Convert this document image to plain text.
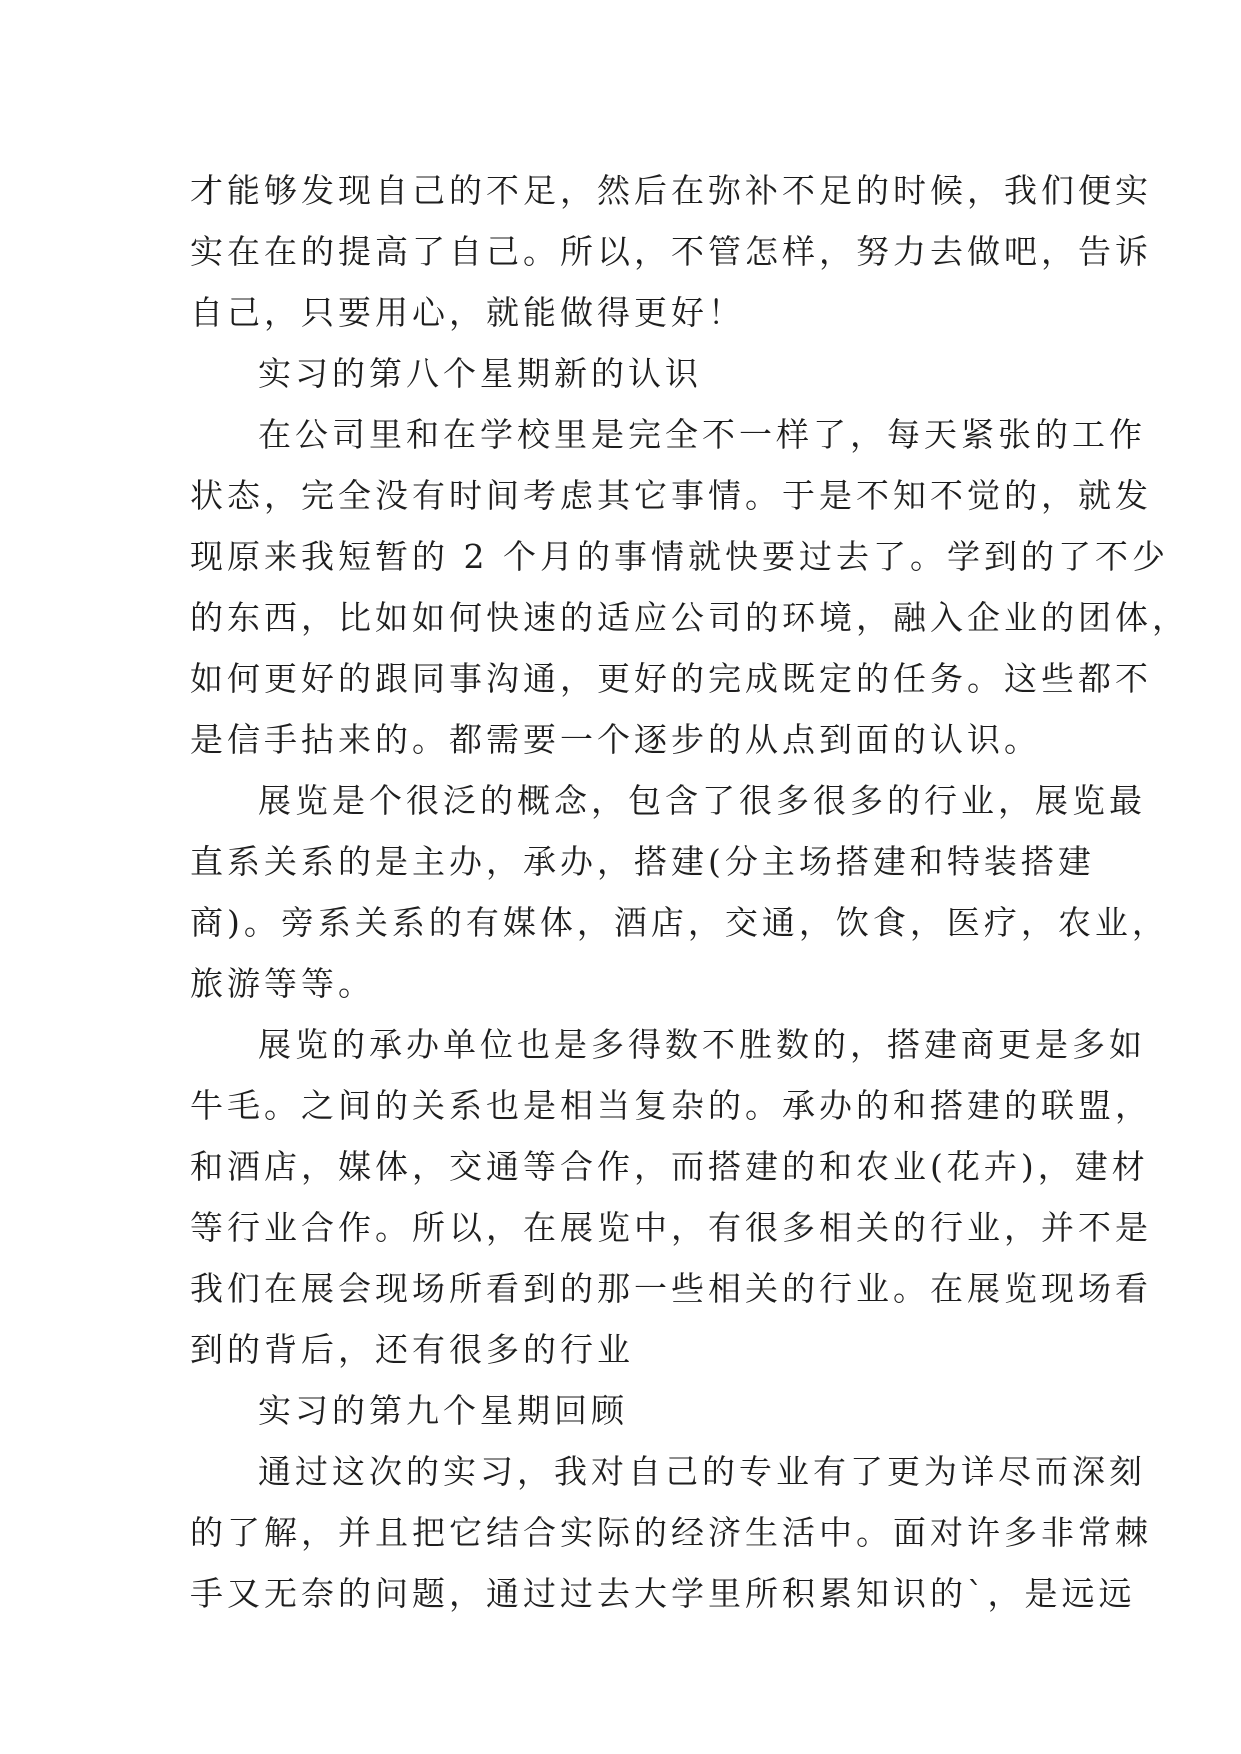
才能够发现自己的不足，然后在弥补不足的时候，我们便实
实在在的提高了自己。所以，不管怎样，努力去做吧，告诉
自己，只要用心，就能做得更好！
实习的第八个星期新的认识
在公司里和在学校里是完全不一样了，每天紧张的工作
状态，完全没有时间考虑其它事情。于是不知不觉的，就发
现原来我短暂的 2 个月的事情就快要过去了。学到的了不少
的东西，比如如何快速的适应公司的环境，融入企业的团体，
如何更好的跟同事沟通，更好的完成既定的任务。这些都不
是信手拈来的。都需要一个逐步的从点到面的认识。
展览是个很泛的概念，包含了很多很多的行业，展览最
直系关系的是主办，承办，搭建(分主场搭建和特装搭建
商)。旁系关系的有媒体，酒店，交通，饮食，医疗，农业，
旅游等等。
展览的承办单位也是多得数不胜数的，搭建商更是多如
牛毛。之间的关系也是相当复杂的。承办的和搭建的联盟，
和酒店，媒体，交通等合作，而搭建的和农业(花卉)，建材
等行业合作。所以，在展览中，有很多相关的行业，并不是
我们在展会现场所看到的那一些相关的行业。在展览现场看
到的背后，还有很多的行业
实习的第九个星期回顾
通过这次的实习，我对自己的专业有了更为详尽而深刻
的了解，并且把它结合实际的经济生活中。面对许多非常棘
手又无奈的问题，通过过去大学里所积累知识的`，是远远
